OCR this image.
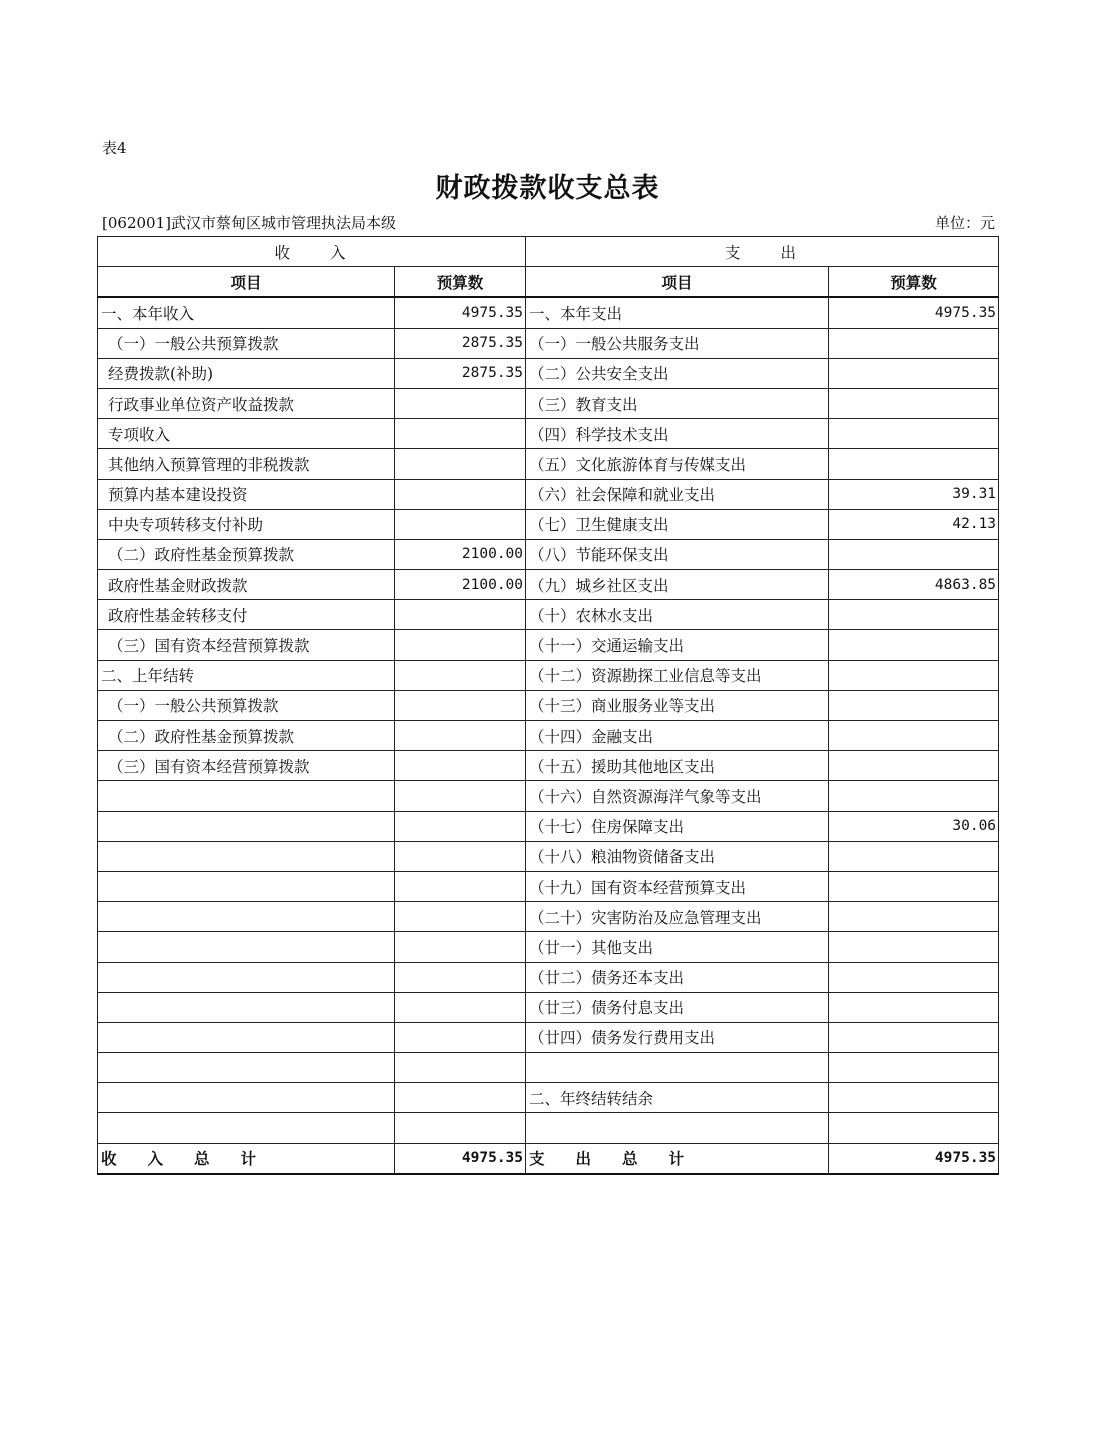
表4
财政拨款收支总表
[062001]武汉市蔡甸区城市管理执法局本级	单位：元
收　　入		支　　出	
项目	预算数	项目	预算数
一、本年收入	4975.35	一、本年支出	4975.35
（一）一般公共预算拨款	2875.35	（一）一般公共服务支出	
经费拨款(补助)	2875.35	（二）公共安全支出	
行政事业单位资产收益拨款		（三）教育支出	
专项收入		（四）科学技术支出	
其他纳入预算管理的非税拨款		（五）文化旅游体育与传媒支出	
预算内基本建设投资		（六）社会保障和就业支出	39.31
中央专项转移支付补助		（七）卫生健康支出	42.13
（二）政府性基金预算拨款	2100.00	（八）节能环保支出	
政府性基金财政拨款	2100.00	（九）城乡社区支出	4863.85
政府性基金转移支付		（十）农林水支出	
（三）国有资本经营预算拨款		（十一）交通运输支出	
二、上年结转		（十二）资源勘探工业信息等支出	
（一）一般公共预算拨款		（十三）商业服务业等支出	
（二）政府性基金预算拨款		（十四）金融支出	
（三）国有资本经营预算拨款		（十五）援助其他地区支出	
		（十六）自然资源海洋气象等支出	
		（十七）住房保障支出	30.06
		（十八）粮油物资储备支出	
		（十九）国有资本经营预算支出	
		（二十）灾害防治及应急管理支出	
		（廿一）其他支出	
		（廿二）债务还本支出	
		（廿三）债务付息支出	
		（廿四）债务发行费用支出	

		二、年终结转结余	

收　　入　　总　　计	4975.35	支　　出　　总　　计	4975.35
